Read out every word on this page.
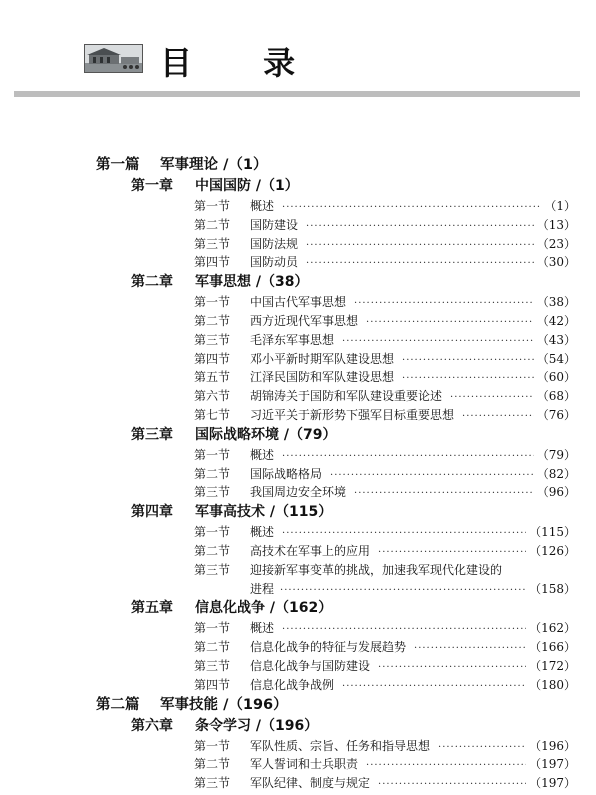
目 录
第一篇 军事理论 /（1）
第一章 中国国防 /（1）
第一节	概述 ·····	（1）
第二节	国防建设 ·····	（13）
第三节	国防法规 ·····	（23）
第四节	国防动员 ·····	（30）
第二章 军事思想 /（38）
第一节	中国古代军事思想 ·····	（38）
第二节	西方近现代军事思想 ·····	（42）
第三节	毛泽东军事思想 ·····	（43）
第四节	邓小平新时期军队建设思想 ·····	（54）
第五节	江泽民国防和军队建设思想 ·····	（60）
第六节	胡锦涛关于国防和军队建设重要论述 ·····	（68）
第七节	习近平关于新形势下强军目标重要思想 ·····	（76）
第三章 国际战略环境 /（79）
第一节	概述 ·····	（79）
第二节	国际战略格局 ·····	（82）
第三节	我国周边安全环境 ·····	（96）
第四章 军事高技术 /（115）
第一节	概述 ·····	（115）
第二节	高技术在军事上的应用 ·····	（126）
第三节	迎接新军事变革的挑战，加速我军现代化建设的
进程 ·····	（158）
第五章 信息化战争 /（162）
第一节	概述 ·····	（162）
第二节	信息化战争的特征与发展趋势 ·····	（166）
第三节	信息化战争与国防建设 ·····	（172）
第四节	信息化战争战例 ·····	（180）
第二篇 军事技能 /（196）
第六章 条令学习 /（196）
第一节	军队性质、宗旨、任务和指导思想 ·····	（196）
第二节	军人誓词和士兵职责 ·····	（197）
第三节	军队纪律、制度与规定 ·····	（197）
